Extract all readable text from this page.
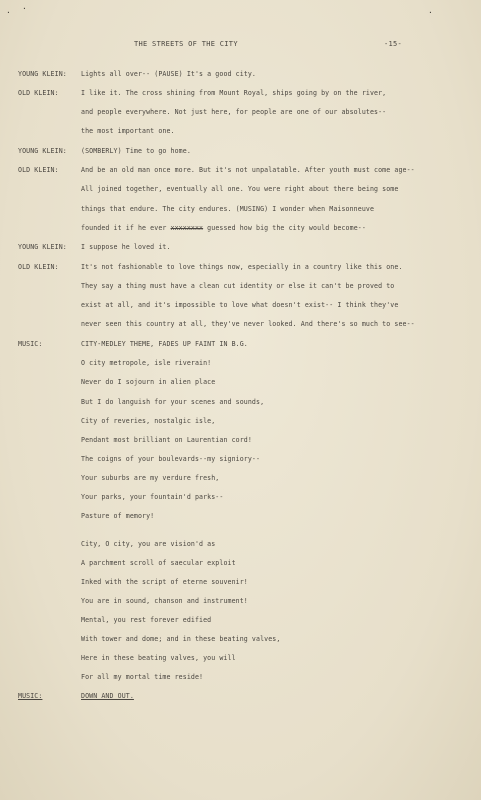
. .
·
THE STREETS OF THE CITY	-15-
YOUNG KLEIN: Lights all over-- (PAUSE) It's a good city.
OLD KLEIN:	I like it. The cross shining from Mount Royal, ships going by on the river,
and people everywhere. Not just here, for people are one of our absolutes--
the most important one.
YOUNG KLEIN: (SOMBERLY) Time to go home.
OLD KLEIN:	And be an old man once more. But it's not unpalatable. After youth must come age--
All joined together, eventually all one. You were right about there being some
things that endure. The city endures. (MUSING) I wonder when Maisonneuve
founded it if he ever xxxxxxxx guessed how big the city would become--
YOUNG KLEIN: I suppose he loved it.
OLD KLEIN:	It's not fashionable to love things now, especially in a country like this one.
They say a thing must have a clean cut identity or else it can't be proved to
exist at all, and it's impossible to love what doesn't exist-- I think they've
never seen this country at all, they've never looked. And there's so much to see--
MUSIC:	CITY-MEDLEY THEME, FADES UP FAINT IN B.G.
O city metropole, isle riverain!
Never do I sojourn in alien place
But I do languish for your scenes and sounds,
City of reveries, nostalgic isle,
Pendant most brilliant on Laurentian cord!
The coigns of your boulevards--my signiory--
Your suburbs are my verdure fresh,
Your parks, your fountain'd parks--
Pasture of memory!
City, O city, you are vision'd as
A parchment scroll of saecular exploit
Inked with the script of eterne souvenir!
You are in sound, chanson and instrument!
Mental, you rest forever edified
With tower and dome; and in these beating valves,
Here in these beating valves, you will
For all my mortal time reside!
MUSIC:	DOWN AND OUT.
